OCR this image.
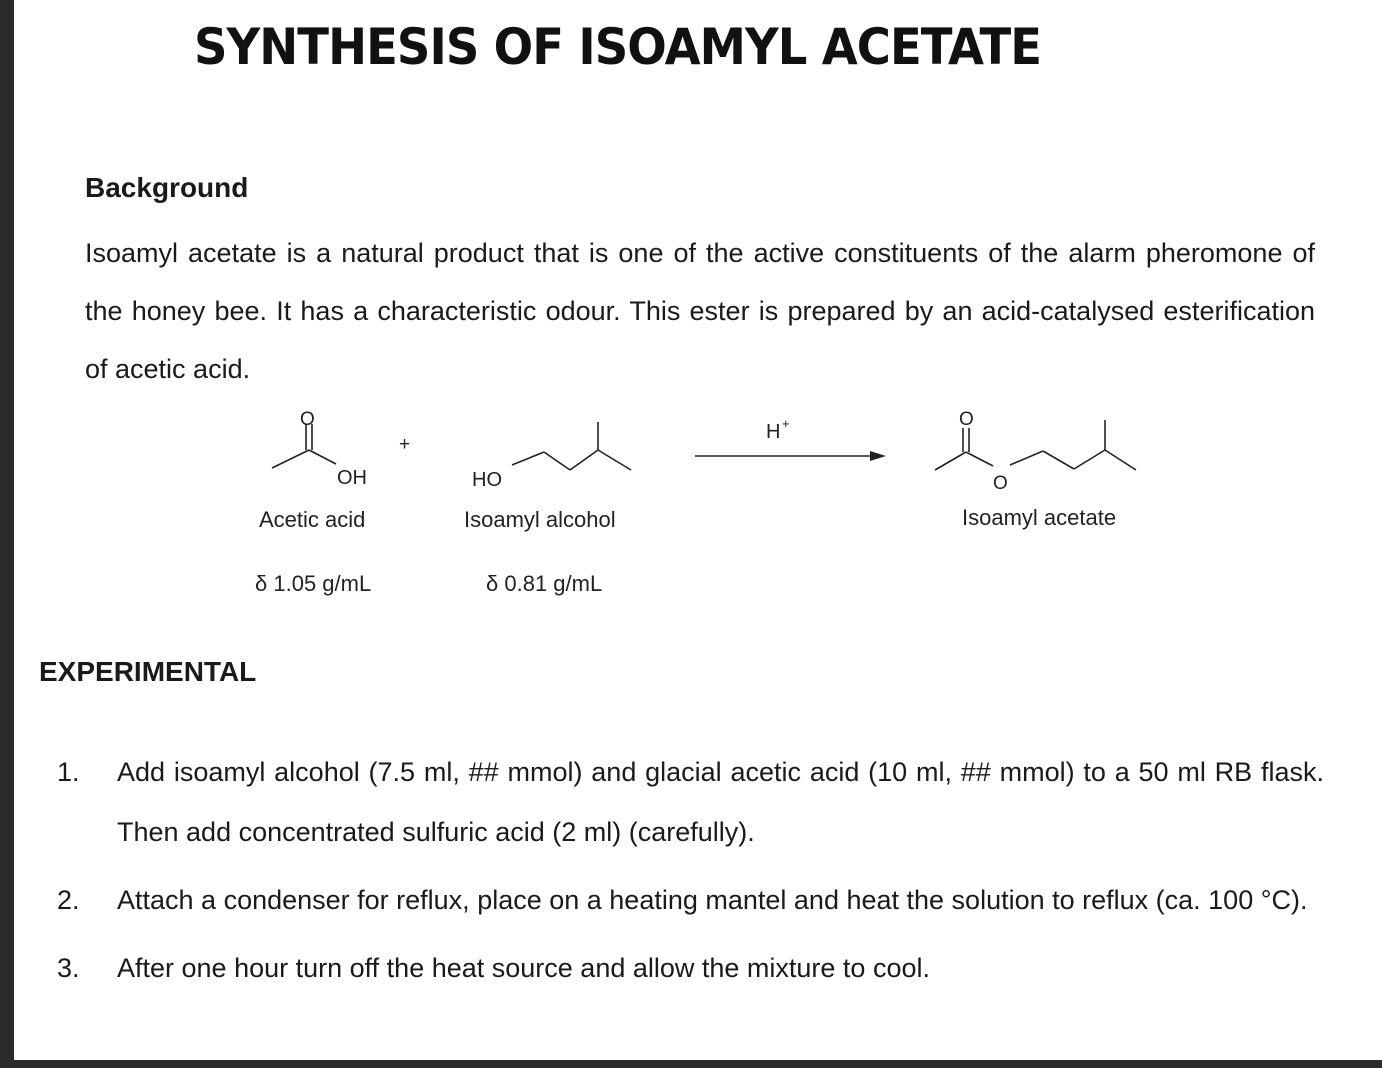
SYNTHESIS OF ISOAMYL ACETATE
Background
Isoamyl acetate is a natural product that is one of the active constituents of the alarm pheromone of the honey bee. It has a characteristic odour. This ester is prepared by an acid-catalysed esterification of acetic acid.
O
OH
Acetic acid
δ 1.05 g/mL
+
HO
Isoamyl alcohol
δ 0.81 g/mL
H +	O
O
Isoamyl acetate
EXPERIMENTAL
1. Add isoamyl alcohol (7.5 ml, ## mmol) and glacial acetic acid (10 ml, ## mmol) to a 50 ml RB flask. Then add concentrated sulfuric acid (2 ml) (carefully).
2. Attach a condenser for reflux, place on a heating mantel and heat the solution to reflux (ca. 100 °C).
3. After one hour turn off the heat source and allow the mixture to cool.
